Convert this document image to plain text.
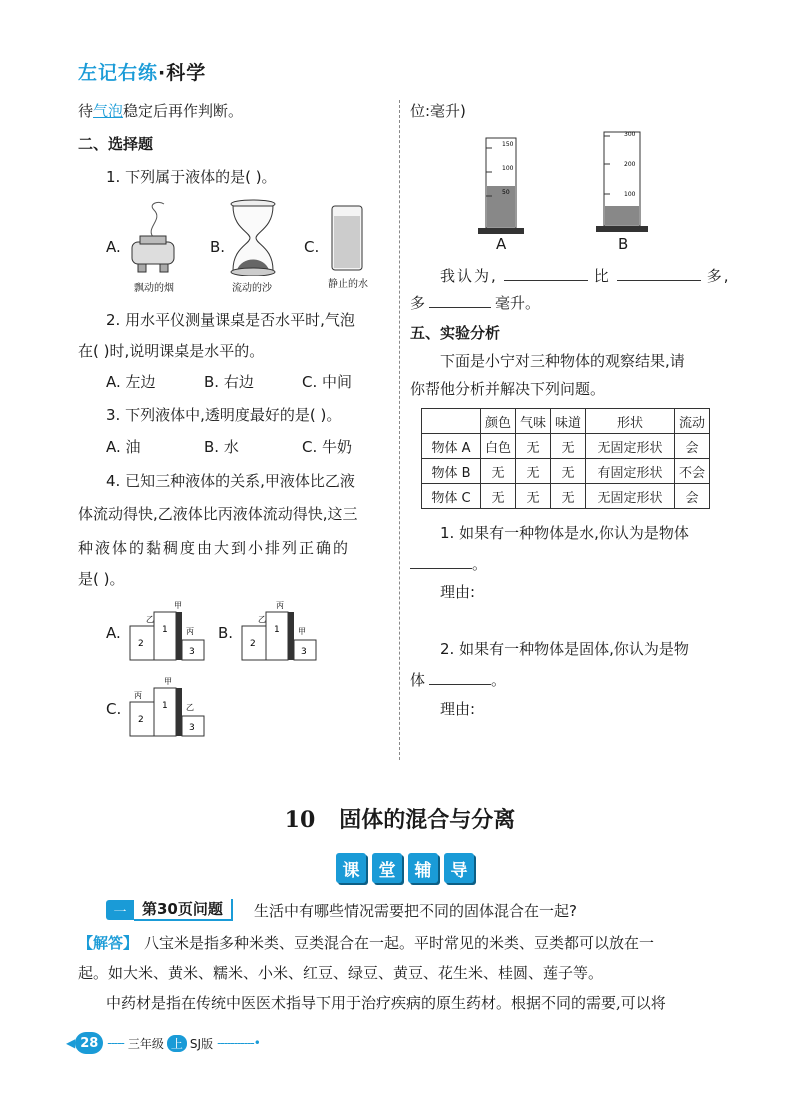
左记右练·科学
待气泡稳定后再作判断。
二、选择题
1. 下列属于液体的是( )。
A.
飘动的烟
B.
流动的沙
C.
静止的水
2. 用水平仪测量课桌是否水平时,气泡
在( )时,说明课桌是水平的。
A. 左边	B. 右边	C. 中间
3. 下列液体中,透明度最好的是( )。
A. 油	B. 水	C. 牛奶
4. 已知三种液体的关系,甲液体比乙液
体流动得快,乙液体比丙液体流动得快,这三
种液体的黏稠度由大到小排列正确的
是( )。
A.
甲
乙
丙
1
2
3
B.
丙
乙
甲
1
2
3
C.
甲
丙
乙
1
2
3
位:毫升)
150
100
50
A
300
200
100
B
我认为,	比	多,
多	毫升。
五、实验分析
下面是小宁对三种物体的观察结果,请
你帮他分析并解决下列问题。
	颜色	气味	味道	形状	流动
物体 A	白色	无	无	无固定形状	会
物体 B	无	无	无	有固定形状	不会
物体 C	无	无	无	无固定形状	会
1. 如果有一种物体是水,你认为是物体
。
理由:
2. 如果有一种物体是固体,你认为是物
体	。
理由:
10 固体的混合与分离
课	堂	辅	导
一	第30页问题	生活中有哪些情况需要把不同的固体混合在一起?
【解答】 八宝米是指多种米类、豆类混合在一起。平时常见的米类、豆类都可以放在一
起。如大米、黄米、糯米、小米、红豆、绿豆、黄豆、花生米、桂圆、莲子等。
中药材是指在传统中医医术指导下用于治疗疾病的原生药材。根据不同的需要,可以将
◀ 28 ----- 三年级 上 SJ版 -----------•
